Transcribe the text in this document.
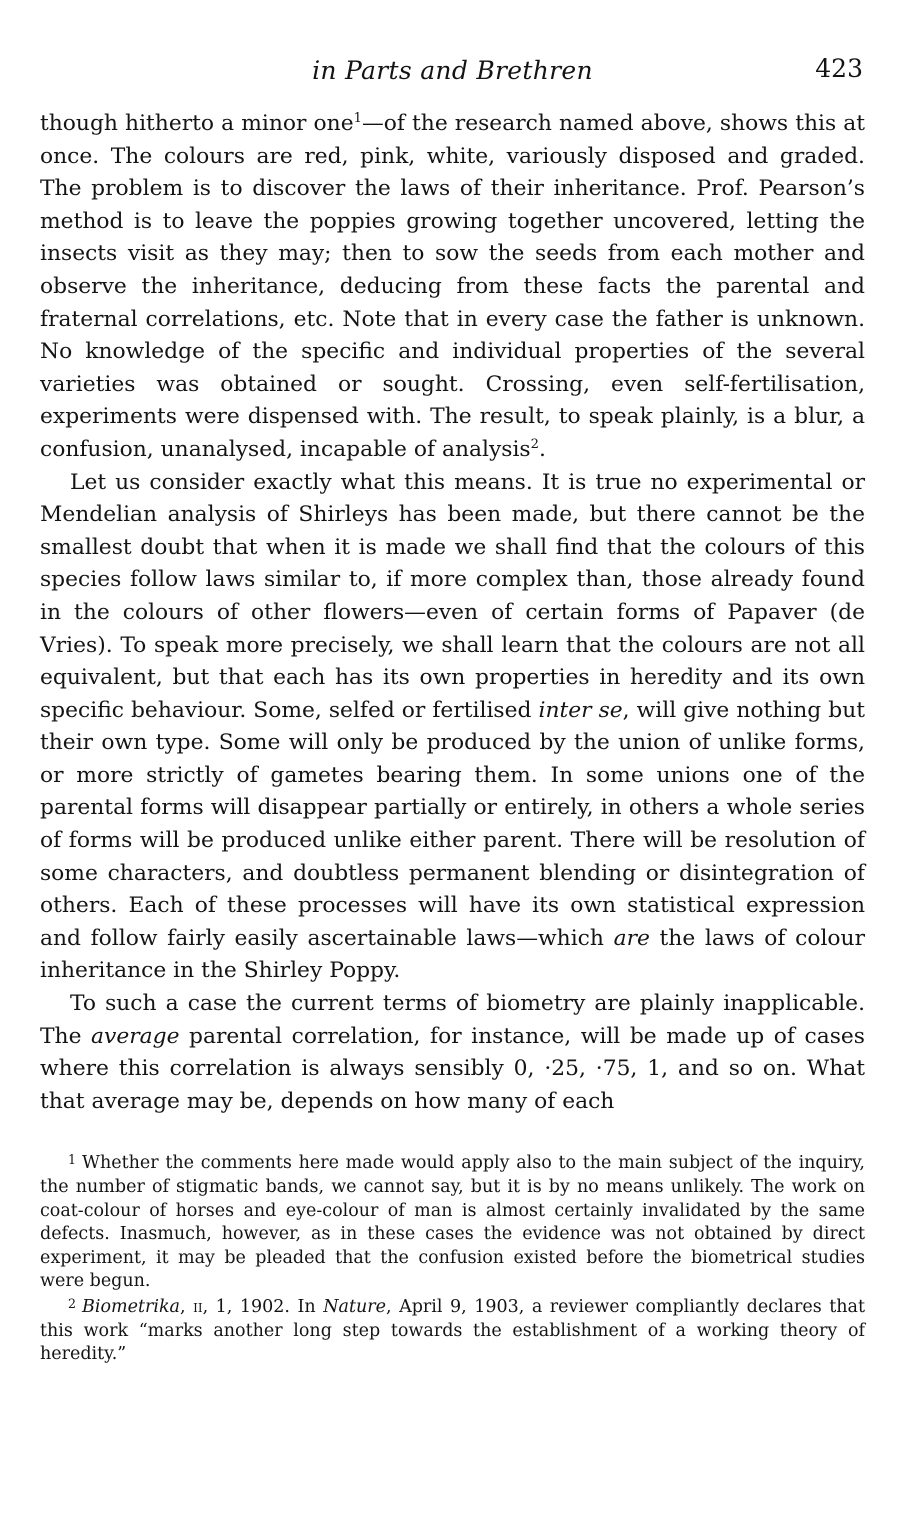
in Parts and Brethren	423

though hitherto a minor one$^1$—of the research named above, shows this at once. The colours are red, pink, white, variously disposed and graded. The problem is to discover the laws of their inheritance. Prof. Pearson’s method is to leave the poppies growing together uncovered, letting the insects visit as they may; then to sow the seeds from each mother and observe the inheritance, deducing from these facts the parental and fraternal correlations, etc. Note that in every case the father is unknown. No knowledge of the specific and individual properties of the several varieties was obtained or sought. Crossing, even self-fertilisation, experiments were dispensed with. The result, to speak plainly, is a blur, a confusion, unanalysed, incapable of analysis$^2$.

Let us consider exactly what this means. It is true no experimental or Mendelian analysis of Shirleys has been made, but there cannot be the smallest doubt that when it is made we shall find that the colours of this species follow laws similar to, if more complex than, those already found in the colours of other flowers—even of certain forms of Papaver (de Vries). To speak more precisely, we shall learn that the colours are not all equivalent, but that each has its own properties in heredity and its own specific behaviour. Some, selfed or fertilised inter se, will give nothing but their own type. Some will only be produced by the union of unlike forms, or more strictly of gametes bearing them. In some unions one of the parental forms will disappear partially or entirely, in others a whole series of forms will be produced unlike either parent. There will be resolution of some characters, and doubtless permanent blending or disintegration of others. Each of these processes will have its own statistical expression and follow fairly easily ascertainable laws—which are the laws of colour inheritance in the Shirley Poppy.

To such a case the current terms of biometry are plainly inapplicable. The average parental correlation, for instance, will be made up of cases where this correlation is always sensibly 0, ·25, ·75, 1, and so on. What that average may be, depends on how many of each

$^1$ Whether the comments here made would apply also to the main subject of the inquiry, the number of stigmatic bands, we cannot say, but it is by no means unlikely. The work on coat-colour of horses and eye-colour of man is almost certainly invalidated by the same defects. Inasmuch, however, as in these cases the evidence was not obtained by direct experiment, it may be pleaded that the confusion existed before the biometrical studies were begun.

$^2$ Biometrika, ii, 1, 1902. In Nature, April 9, 1903, a reviewer compliantly declares that this work “marks another long step towards the establishment of a working theory of heredity.”
